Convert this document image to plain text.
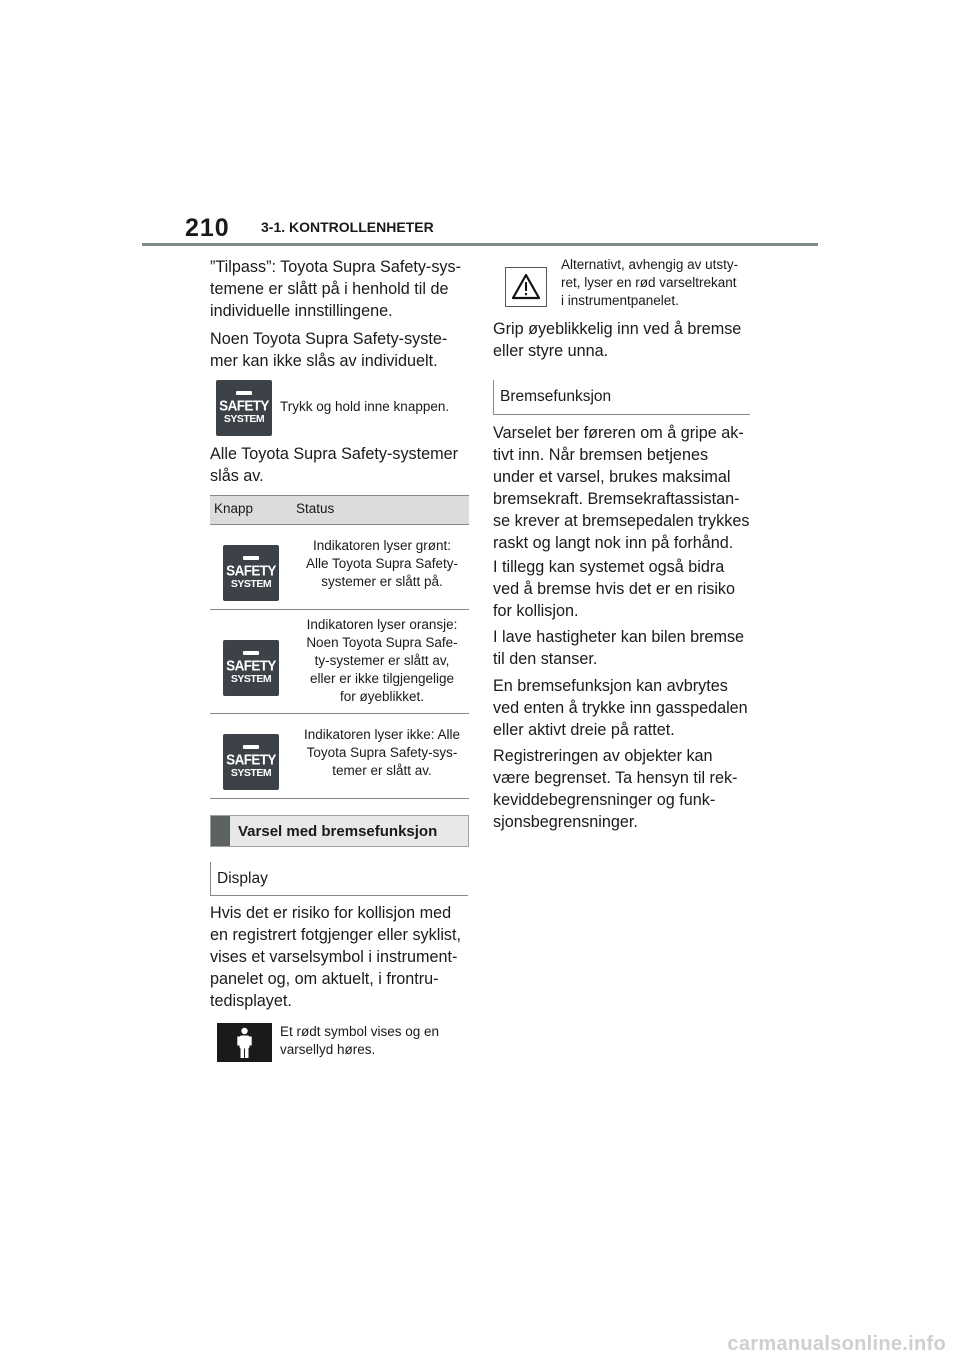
210 3-1. KONTROLLENHETER
”Tilpass”: Toyota Supra Safety-sys-
temene er slått på i henhold til de
individuelle innstillingene.
Noen Toyota Supra Safety-syste-
mer kan ikke slås av individuelt.
SAFETY
SYSTEM
Trykk og hold inne knappen.
Alle Toyota Supra Safety-systemer
slås av.
Knapp	Status
SAFETY
SYSTEM
Indikatoren lyser grønt:
Alle Toyota Supra Safety-
systemer er slått på.
SAFETY
SYSTEM
Indikatoren lyser oransje:
Noen Toyota Supra Safe-
ty-systemer er slått av,
eller er ikke tilgjengelige
for øyeblikket.
SAFETY
SYSTEM
Indikatoren lyser ikke: Alle
Toyota Supra Safety-sys-
temer er slått av.
Varsel med bremsefunksjon
Display
Hvis det er risiko for kollisjon med
en registrert fotgjenger eller syklist,
vises et varselsymbol i instrument-
panelet og, om aktuelt, i frontru-
tedisplayet.
Et rødt symbol vises og en
varsellyd høres.
Alternativt, avhengig av utsty-
ret, lyser en rød varseltrekant
i instrumentpanelet.
Grip øyeblikkelig inn ved å bremse
eller styre unna.
Bremsefunksjon
Varselet ber føreren om å gripe ak-
tivt inn. Når bremsen betjenes
under et varsel, brukes maksimal
bremsekraft. Bremsekraftassistan-
se krever at bremsepedalen trykkes
raskt og langt nok inn på forhånd.
I tillegg kan systemet også bidra
ved å bremse hvis det er en risiko
for kollisjon.
I lave hastigheter kan bilen bremse
til den stanser.
En bremsefunksjon kan avbrytes
ved enten å trykke inn gasspedalen
eller aktivt dreie på rattet.
Registreringen av objekter kan
være begrenset. Ta hensyn til rek-
keviddebegrensninger og funk-
sjonsbegrensninger.
carmanualsonline.info
